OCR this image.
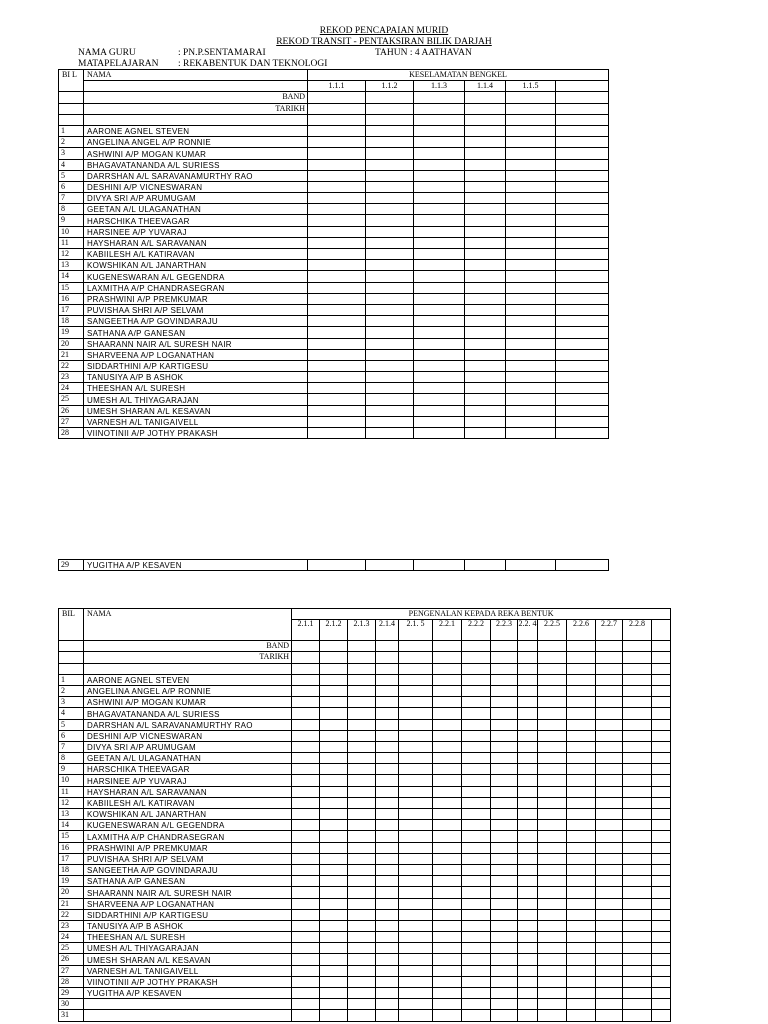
REKOD PENCAPAIAN MURID
REKOD TRANSIT - PENTAKSIRAN BILIK DARJAH
NAMA GURU	: PN.P.SENTAMARAI	TAHUN : 4 AATHAVAN
MATAPELAJARAN : REKABENTUK DAN TEKNOLOGI
BI L	NAMA	KESELAMATAN BENGKEL					
		1.1.1	1.1.2	1.1.3	1.1.4	1.1.5	
	BAND						
	TARIKH						

1	AARONE AGNEL STEVEN						
2	ANGELINA ANGEL A/P RONNIE						
3	ASHWINI A/P MOGAN KUMAR						
4	BHAGAVATANANDA A/L SURIESS						
5	DARRSHAN A/L SARAVANAMURTHY RAO						
6	DESHINI A/P VICNESWARAN						
7	DIVYA SRI A/P ARUMUGAM						
8	GEETAN A/L ULAGANATHAN						
9	HARSCHIKA THEEVAGAR						
10	HARSINEE A/P YUVARAJ						
11	HAYSHARAN A/L SARAVANAN						
12	KABIILESH A/L KATIRAVAN						
13	KOWSHIKAN A/L JANARTHAN						
14	KUGENESWARAN A/L GEGENDRA						
15	LAXMITHA A/P CHANDRASEGRAN						
16	PRASHWINI A/P PREMKUMAR						
17	PUVISHAA SHRI A/P SELVAM						
18	SANGEETHA A/P GOVINDARAJU						
19	SATHANA A/P GANESAN						
20	SHAARANN NAIR A/L SURESH NAIR						
21	SHARVEENA A/P LOGANATHAN						
22	SIDDARTHINI A/P KARTIGESU						
23	TANUSIYA A/P B ASHOK						
24	THEESHAN A/L SURESH						
25	UMESH A/L THIYAGARAJAN						
26	UMESH SHARAN A/L KESAVAN						
27	VARNESH A/L TANIGAIVELL						
28	VIINOTINII A/P JOTHY PRAKASH						
29	YUGITHA A/P KESAVEN						
BIL	NAMA	PENGENALAN KEPADA REKA BENTUK													
		2.1.1	2.1.2	2.1.3	2.1.4	2.1. 5	2.2.1	2.2.2	2.2.3	2.2. 4	2.2.5	2.2.6	2.2.7	2.2.8	
	BAND														
	TARIKH														

1	AARONE AGNEL STEVEN														
2	ANGELINA ANGEL A/P RONNIE														
3	ASHWINI A/P MOGAN KUMAR														
4	BHAGAVATANANDA A/L SURIESS														
5	DARRSHAN A/L SARAVANAMURTHY RAO														
6	DESHINI A/P VICNESWARAN														
7	DIVYA SRI A/P ARUMUGAM														
8	GEETAN A/L ULAGANATHAN														
9	HARSCHIKA THEEVAGAR														
10	HARSINEE A/P YUVARAJ														
11	HAYSHARAN A/L SARAVANAN														
12	KABIILESH A/L KATIRAVAN														
13	KOWSHIKAN A/L JANARTHAN														
14	KUGENESWARAN A/L GEGENDRA														
15	LAXMITHA A/P CHANDRASEGRAN														
16	PRASHWINI A/P PREMKUMAR														
17	PUVISHAA SHRI A/P SELVAM														
18	SANGEETHA A/P GOVINDARAJU														
19	SATHANA A/P GANESAN														
20	SHAARANN NAIR A/L SURESH NAIR														
21	SHARVEENA A/P LOGANATHAN														
22	SIDDARTHINI A/P KARTIGESU														
23	TANUSIYA A/P B ASHOK														
24	THEESHAN A/L SURESH														
25	UMESH A/L THIYAGARAJAN														
26	UMESH SHARAN A/L KESAVAN														
27	VARNESH A/L TANIGAIVELL														
28	VIINOTINII A/P JOTHY PRAKASH														
29	YUGITHA A/P KESAVEN														
30															
31															
